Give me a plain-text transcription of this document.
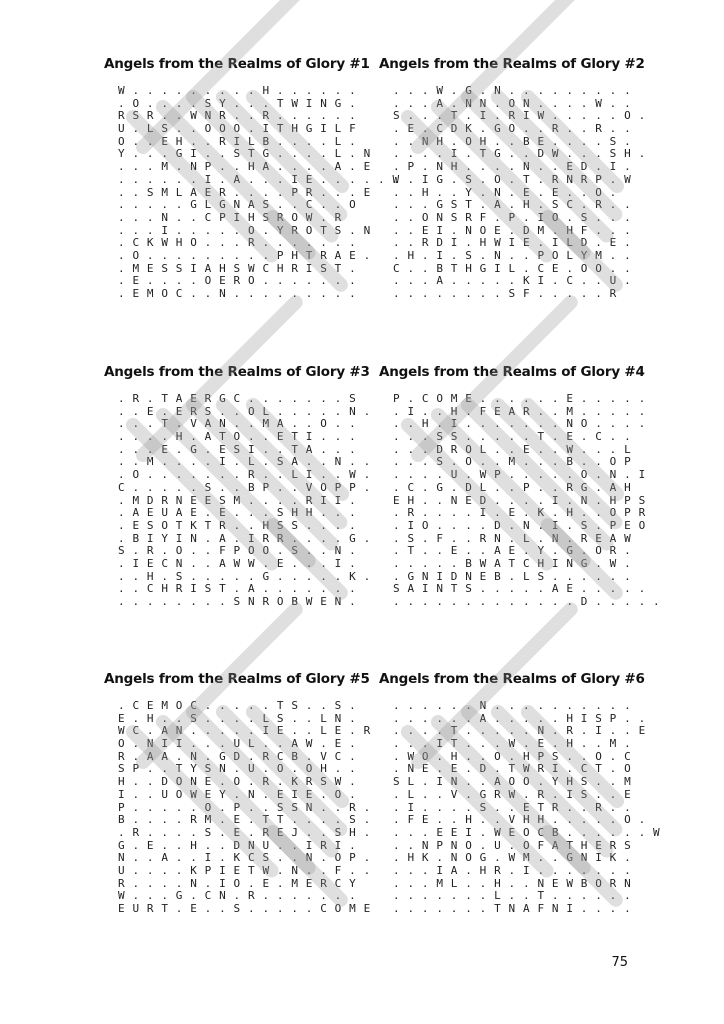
Angels from the Realms of Glory #1
W . . . . . . . . . H . . . . . .
. O . . . . S Y . . . T W I N G .
R S R . . W N R . . R . . . . . .
U . L S . . O O O . I T H G I L F
O . . E H . . R I L B . . . . L .
Y . . . G I . . S T G . . . . L . N
. . . M . N P . . H A . . . . A . E
. . . . . . I . A . . . I E . . . . . W
. . S M L A E R . . . . P R . . . E
. . . . . G L G N A S . . C . . O
. . . N . . C P I H S R O W . R
. . . I . . . . . O . Y R O T S . N
. C K W H O . . . R . . . . . . .
. O . . . . . . . . . P H T R A E .
. M E S S I A H S W C H R I S T .
. E . . . . O E R O . . . . . . .
. E M O C . . N . . . . . . . . .
Angels from the Realms of Glory #2
. . . W . G . N . . . . . . . . .
. . . A . N N . O N . . . . W . .
S . . . T . I . R I W . . . . . O .
. E . C D K . G O . . R . . R . .
. . N H . O H . . B E . . . . S .
. . . . I . T G . . D W . . . S H .
. P . N H . . . . N . . E D . I .
. . I G . S . O . T . R N R P . W
. . H . . Y . N . E . E . . O .
. . . G S T . A . H . S C . R . .
. . O N S R F . P . I O . S . . .
. . E I . N O E . D M . H F . . .
. . R D I . H W I E . I L D . E .
. H . I . S . N . . P O L Y M . .
C . . B T H G I L . C E . O O . .
. . . A . . . . . K I . C . . U .
. . . . . . . . S F . . . . . R
Angels from the Realms of Glory #3
. R . T A E R G C . . . . . . . S
. . E . E R S . . O L . . . . . N .
. . . T . V A N . . M A . . O . .
. . . . H . A T O . . E T I . . .
. . . E . G . E S I . . T A . . .
. . M . . . . I . L . S A . . N . .
. O . . . . . . . R . . L I . . W .
C . . . . . S . . B P . . V O P P .
. M D R N E E S M . . . . R I I .
. A E U A E . E . . . S H H . . .
. E S O T K T R . . H S S . . . .
. B I Y I N . A . I R R . . . . G .
S . R . O . . F P O O . S . . N .
. I E C N . . A W W . E . . . I .
. . H . S . . . . . G . . . . . K .
. . C H R I S T . A . . . . . . .
. . . . . . . . S N R O B W E N .
Angels from the Realms of Glory #4
P . C O M E . . . . . . E . . . . .
. I . . H . F E A R . . M . . . . .
. . H . I . . . . . . . N O . . . .
. . . S S . . . . . T . E . C . .
. . . D R O L . . E . . W . . . L
. . . S . O . . M . . . B . . O P
. . . . U . W P . . . . . O . N . I
. C . G . D L . . P . . R G . A H
E H . . N E D . . . . I . N . H P S
. R . . . . I . E . K . H . . O P R
. I O . . . . D . N . I . S . P E O
. S . F . . R N . L . N . R E A W
. T . . E . . A E . Y . G . O R .
. . . . . B W A T C H I N G . W .
. G N I D N E B . L S . . . . . .
S A I N T S . . . . . A E . . . . .
. . . . . . . . . . . . . D . . . . .
Angels from the Realms of Glory #5
. C E M O C . . . . . T S . . S .
E . H . . S . . . . L S . . L N .
W C . A N . . . . . I E . . L E . R
O . N I I . . . U L . . A W . E .
R . A A . N . G D . R C B . V C .
S P . . T Y S N . U . O . O H . .
H . . D O N E . O . R . K R S W .
I . . U O W E Y . N . E I E . O .
P . . . . . O . P . . S S N . . R .
B . . . . R M . E . T T . . . . S .
. R . . . . S . E . R E J . . S H .
G . E . . H . . D N U . . I R I .
N . . A . . I . K C S . . N . O P .
U . . . . K P I E T W . N . . F . .
R . . . . N . I O . E . M E R C Y
W . . . G . C N . R . . . . . . .
E U R T . E . . S . . . . . C O M E
Angels from the Realms of Glory #6
. . . . . . N . . . . . . . . . .
. . . . . . A . . . . . H I S P . .
. . . . T . . . . . N . R . I . . E
. . . I T . . . W . E . H . . M .
. W O . H . . O . H P S . . O . C
. N E . E . D . T W R I . C T . O
S L . I N . . A O O . Y H S . . M
. L . . V . G R W . R . I S . . E
. I . . . . S . . E T R . . R . .
. F E . . H . . V H H . . . . . O .
. . . E E I . W E O C B . . . . . . W
. . N P N O . U . O F A T H E R S
. H K . N O G . W M . . G N I K .
. . . I A . H R . I . . . . . . .
. . . M L . . H . . N E W B O R N
. . . . . . . L . . T . . . . . .
. . . . . . . T N A F N I . . . .
75
